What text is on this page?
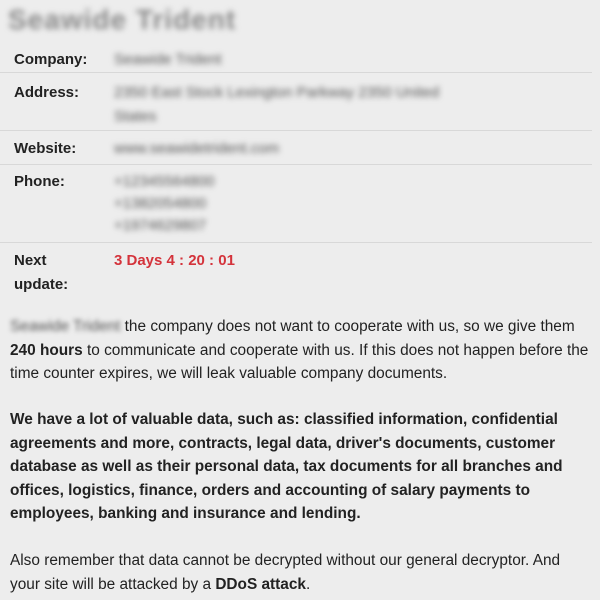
Seawide Trident
Company: Seawide Trident
Address: 2350 East Stock Lexington Parkway 2350 United
States
Website:	www.seawidetrident.com
Phone:	+12345564800
+1382054800
+1974629807
Next
update:
3 Days 4 : 20 : 01
Seawide Trident the company does not want to cooperate with us, so we give them 240 hours to communicate and cooperate with us. If this does not happen before the time counter expires, we will leak valuable company documents.
We have a lot of valuable data, such as: classified information, confidential agreements and more, contracts, legal data, driver's documents, customer database as well as their personal data, tax documents for all branches and offices, logistics, finance, orders and accounting of salary payments to employees, banking and insurance and lending.
Also remember that data cannot be decrypted without our general decryptor. And your site will be attacked by a DDoS attack.
